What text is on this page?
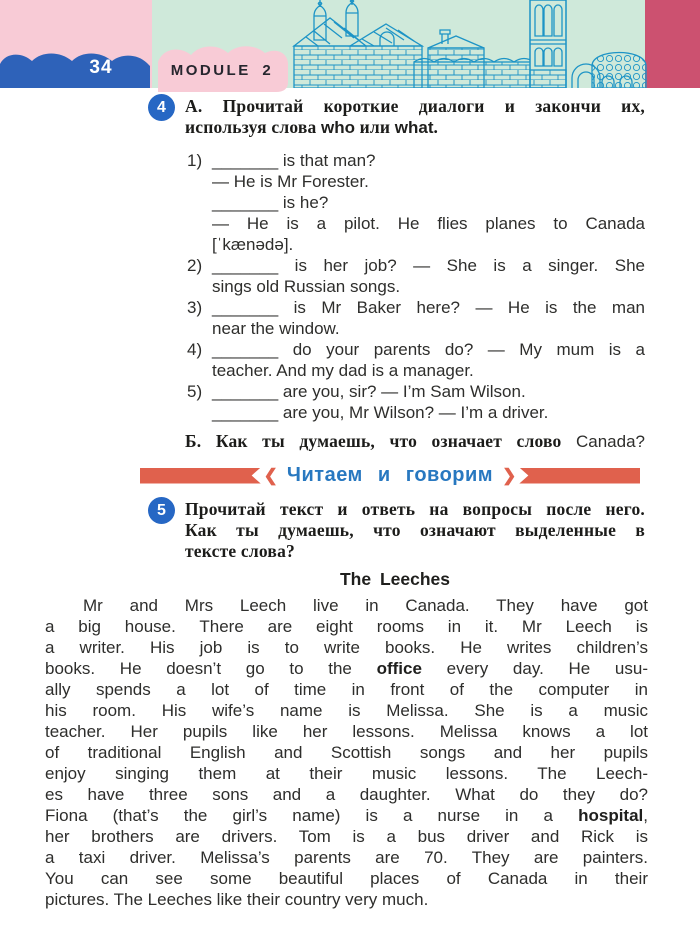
34	MODULE 2
4	А. Прочитай короткие диалоги и закончи их,
используя слова who или what.
1) _______ is that man?
— He is Mr Forester.
_______ is he?
— He is a pilot. He flies planes to Canada
[ˈkænədə].
2) _______ is her job? — She is a singer. She
sings old Russian songs.
3) _______ is Mr Baker here? — He is the man
near the window.
4) _______ do your parents do? — My mum is a
teacher. And my dad is a manager.
5) _______ are you, sir? — I’m Sam Wilson.
_______ are you, Mr Wilson? — I’m a driver.
Б. Как ты думаешь, что означает слово Canada?
❮ Читаем и говорим ❯
5	Прочитай текст и ответь на вопросы после него.
Как ты думаешь, что означают выделенные в
тексте слова?
The Leeches
Mr and Mrs Leech live in Canada. They have got
a big house. There are eight rooms in it. Mr Leech is
a writer. His job is to write books. He writes children’s
books. He doesn’t go to the office every day. He usu-
ally spends a lot of time in front of the computer in
his room. His wife’s name is Melissa. She is a music
teacher. Her pupils like her lessons. Melissa knows a lot
of traditional English and Scottish songs and her pupils
enjoy singing them at their music lessons. The Leech-
es have three sons and a daughter. What do they do?
Fiona (that’s the girl’s name) is a nurse in a hospital,
her brothers are drivers. Tom is a bus driver and Rick is
a taxi driver. Melissa’s parents are 70. They are painters.
You can see some beautiful places of Canada in their
pictures. The Leeches like their country very much.
